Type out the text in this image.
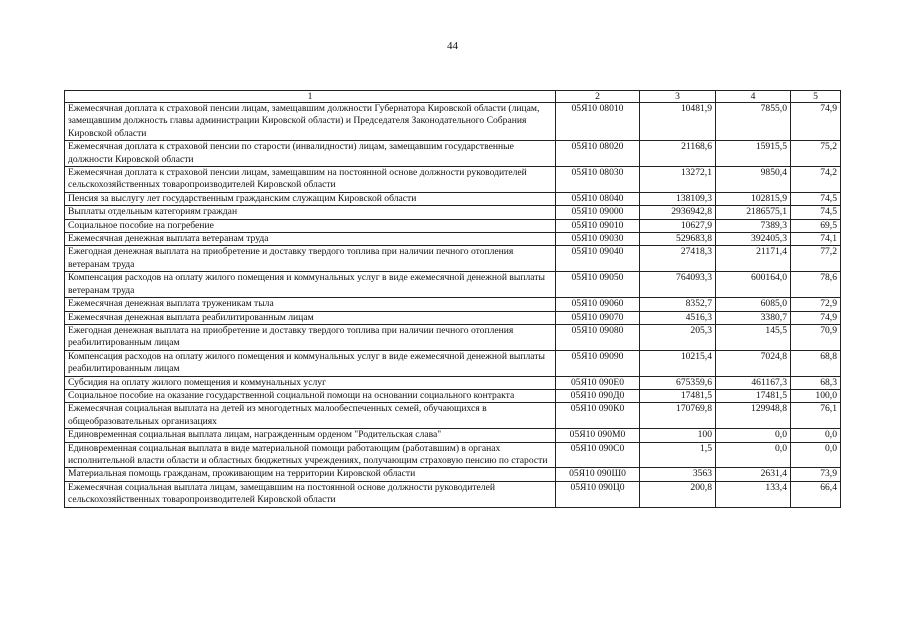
44
1	2	3	4	5
Ежемесячная доплата к страховой пенсии лицам, замещавшим должности Губернатора Кировской области (лицам, замещавшим должность главы администрации Кировской области) и Председателя Законодательного Собрания Кировской области	05Я10 08010	10481,9	7855,0	74,9
Ежемесячная доплата к страховой пенсии по старости (инвалидности) лицам, замещавшим государственные должности Кировской области	05Я10 08020	21168,6	15915,5	75,2
Ежемесячная доплата к страховой пенсии лицам, замещавшим на постоянной основе должности руководителей сельскохозяйственных товаропроизводителей Кировской области	05Я10 08030	13272,1	9850,4	74,2
Пенсия за выслугу лет государственным гражданским служащим Кировской области	05Я10 08040	138109,3	102815,9	74,5
Выплаты отдельным категориям граждан	05Я10 09000	2936942,8	2186575,1	74,5
Социальное пособие на погребение	05Я10 09010	10627,9	7389,3	69,5
Ежемесячная денежная выплата ветеранам труда	05Я10 09030	529683,8	392405,3	74,1
Ежегодная денежная выплата на приобретение и доставку твердого топлива при наличии печного отопления ветеранам труда	05Я10 09040	27418,3	21171,4	77,2
Компенсация расходов на оплату жилого помещения и коммунальных услуг в виде ежемесячной денежной выплаты ветеранам труда	05Я10 09050	764093,3	600164,0	78,6
Ежемесячная денежная выплата труженикам тыла	05Я10 09060	8352,7	6085,0	72,9
Ежемесячная денежная выплата реабилитированным лицам	05Я10 09070	4516,3	3380,7	74,9
Ежегодная денежная выплата на приобретение и доставку твердого топлива при наличии печного отопления реабилитированным лицам	05Я10 09080	205,3	145,5	70,9
Компенсация расходов на оплату жилого помещения и коммунальных услуг в виде ежемесячной денежной выплаты реабилитированным лицам	05Я10 09090	10215,4	7024,8	68,8
Субсидия на оплату жилого помещения и коммунальных услуг	05Я10 090Е0	675359,6	461167,3	68,3
Социальное пособие на оказание государственной социальной помощи на основании социального контракта	05Я10 090Д0	17481,5	17481,5	100,0
Ежемесячная социальная выплата на детей из многодетных малообеспеченных семей, обучающихся в общеобразовательных организациях	05Я10 090К0	170769,8	129948,8	76,1
Единовременная социальная выплата лицам, награжденным орденом "Родительская слава"	05Я10 090М0	100	0,0	0,0
Единовременная социальная выплата в виде материальной помощи работающим (работавшим) в органах исполнительной власти области и областных бюджетных учреждениях, получающим страховую пенсию по старости	05Я10 090С0	1,5	0,0	0,0
Материальная помощь гражданам, проживающим на территории Кировской области	05Я10 090Ш0	3563	2631,4	73,9
Ежемесячная социальная выплата лицам, замещавшим на постоянной основе должности руководителей сельскохозяйственных товаропроизводителей Кировской области	05Я10 090Ц0	200,8	133,4	66,4
